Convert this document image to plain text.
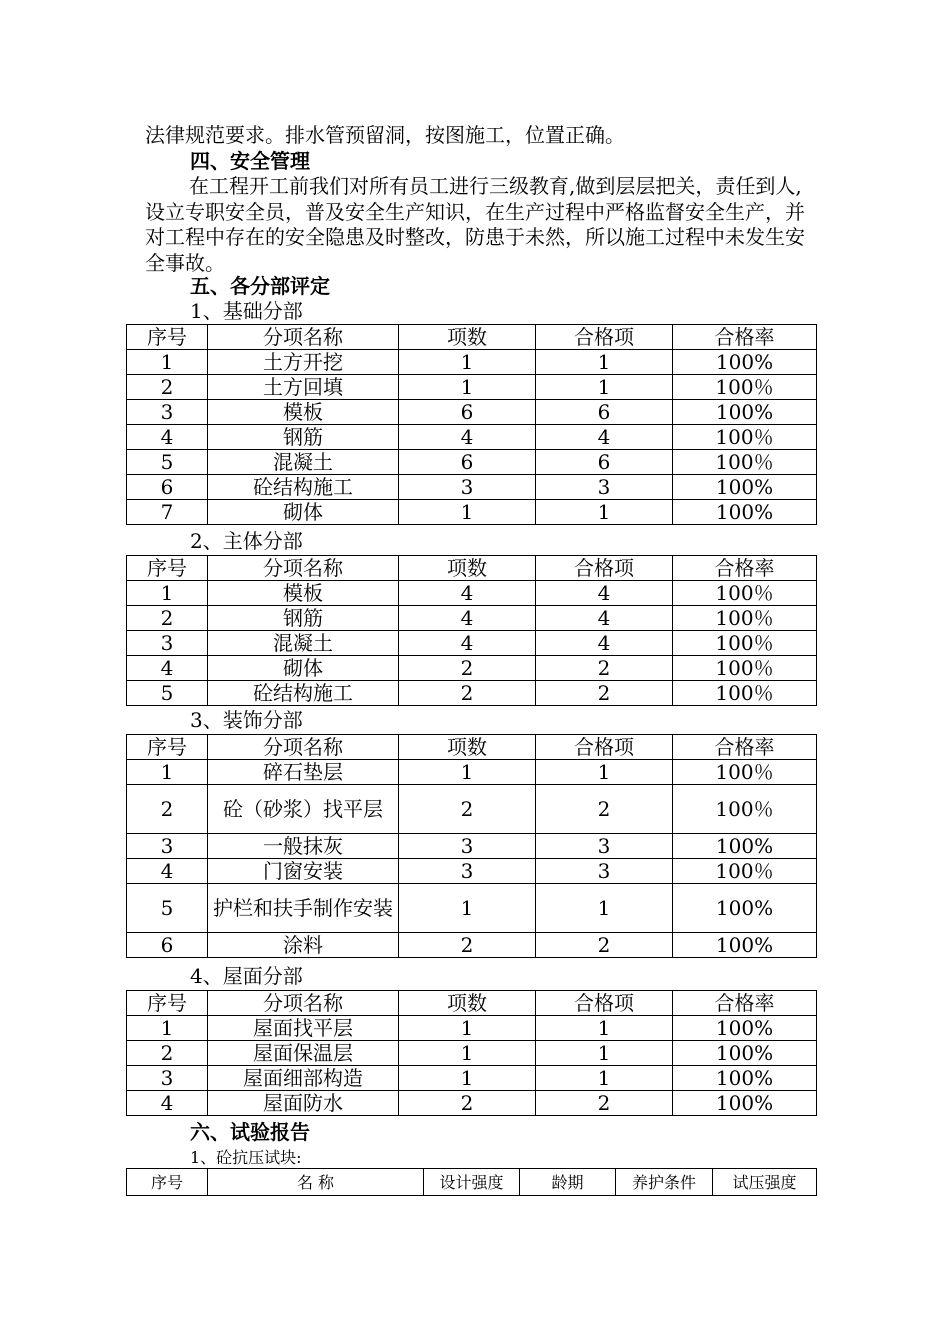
法律规范要求。排水管预留洞，按图施工，位置正确。

四、安全管理

在工程开工前我们对所有员工进行三级教育,做到层层把关，责任到人,设立专职安全员，普及安全生产知识，在生产过程中严格监督安全生产，并对工程中存在的安全隐患及时整改，防患于未然，所以施工过程中未发生安全事故。

五、各分部评定

1、基础分部

序号	分项名称	项数	合格项	合格率
1	土方开挖	1	1	100%
2	土方回填	1	1	100％
3	模板	6	6	100%
4	钢筋	4	4	100％
5	混凝土	6	6	100％
6	砼结构施工	3	3	100%
7	砌体	1	1	100%

2、主体分部

序号	分项名称	项数	合格项	合格率
1	模板	4	4	100％
2	钢筋	4	4	100％
3	混凝土	4	4	100％
4	砌体	2	2	100％
5	砼结构施工	2	2	100％

3、装饰分部

序号	分项名称	项数	合格项	合格率
1	碎石垫层	1	1	100％
2	砼（砂浆）找平层	2	2	100％
3	一般抹灰	3	3	100%
4	门窗安装	3	3	100％
5	护栏和扶手制作安装	1	1	100%
6	涂料	2	2	100%

4、屋面分部

序号	分项名称	项数	合格项	合格率
1	屋面找平层	1	1	100%
2	屋面保温层	1	1	100%
3	屋面细部构造	1	1	100%
4	屋面防水	2	2	100%

六、试验报告

1、砼抗压试块:

序号	名 称	设计强度	龄期	养护条件	试压强度
